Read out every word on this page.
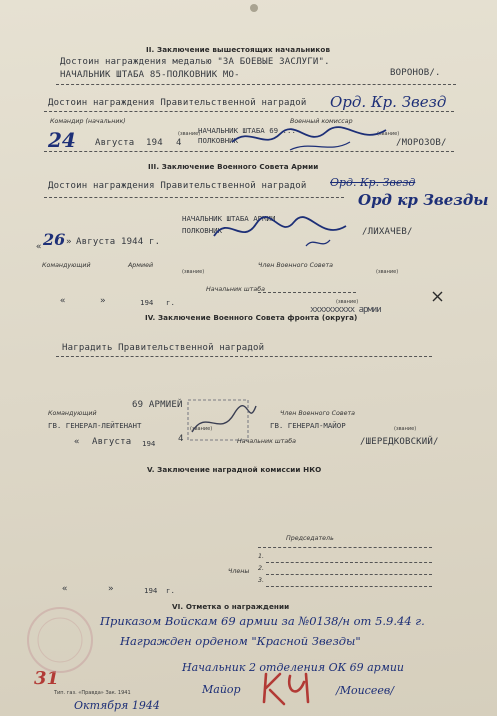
II. Заключение вышестоящих начальников
Достоин награждения медалью "ЗА БОЕВЫЕ ЗАСЛУГИ".
НАЧАЛЬНИК ШТАБА 85-ПОЛКОВНИК МО-	ВОРОНОВ/.
Достоин награждения Правительственной наградой Орд. Кр. Звезд
Командир (начальник)	Военный комиссар
24 Августа 194 4
НАЧАЛЬНИК ШТАБА 69 ...
ПОЛКОВНИК	/МОРОЗОВ/
(звание)	(звание)
III. Заключение Военного Совета Армии
Достоин награждения Правительственной наградой Орд. Кр. Звезд
Орд кр Звезды
НАЧАЛЬНИК ШТАБА АРМИИ
ПОЛКОВНИК	/ЛИХАЧЕВ/
« 26 » Августа 1944 г.
Командующий	Армией	Член Военного Совета
(звание)	(звание)
Начальник штаба
«	»	194 г.	(звание)
xxxxxxxxxx армии
IV. Заключение Военного Совета фронта (округа)
Наградить Правительственной наградой
69 АРМИЕЙ
Командующий	Член Военного Совета
ГВ. ГЕНЕРАЛ-ЛЕЙТЕНАНТ	ГВ. ГЕНЕРАЛ-МАЙОР
(звание)	(звание)
« Августа 194	4	Начальник штаба	/ШЕРЕДКОВСКИЙ/
V. Заключение наградной комиссии НКО
Председатель
1.
2.
Члены
3.
«	»	194 г.
VI. Отметка о награждении
Приказом Войскам 69 армии за №0138/н от 5.9.44 г.
Награжден орденом "Красной Звезды"
Начальник 2 отделения ОК 69 армии
Майор	/Моисеев/
Октября 1944
31
Тип. газ. «Правда» Зак. 1941
